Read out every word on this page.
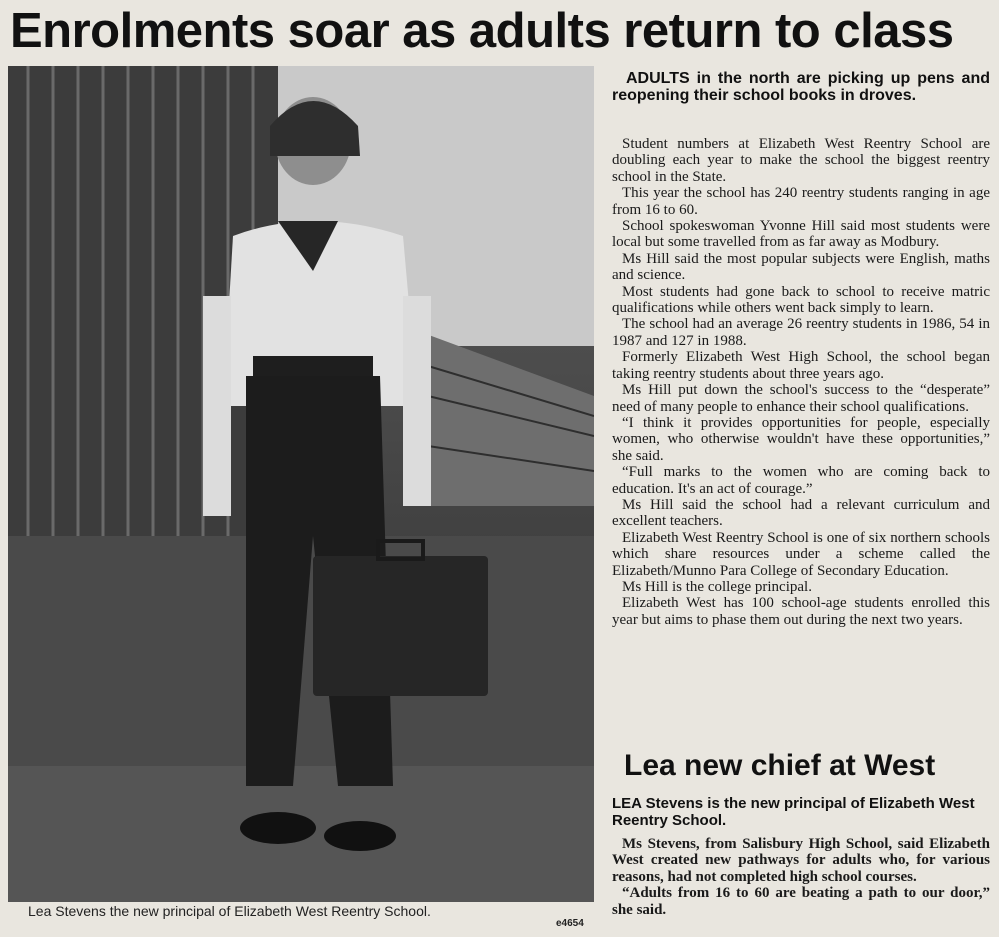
Enrolments soar as adults return to class
Lea Stevens the new principal of Elizabeth West Reentry School.
e4654
ADULTS in the north are picking up pens and reopening their school books in droves.

Student numbers at Elizabeth West Reentry School are doubling each year to make the school the biggest reentry school in the State.

This year the school has 240 reentry students ranging in age from 16 to 60.

School spokeswoman Yvonne Hill said most students were local but some travelled from as far away as Modbury.

Ms Hill said the most popular subjects were English, maths and science.

Most students had gone back to school to receive matric qualifications while others went back simply to learn.

The school had an average 26 reentry students in 1986, 54 in 1987 and 127 in 1988.

Formerly Elizabeth West High School, the school began taking reentry students about three years ago.

Ms Hill put down the school's success to the “desperate” need of many people to enhance their school qualifications.

“I think it provides opportunities for people, especially women, who otherwise wouldn't have these opportunities,” she said.

“Full marks to the women who are coming back to education. It's an act of courage.”

Ms Hill said the school had a relevant curriculum and excellent teachers.

Elizabeth West Reentry School is one of six northern schools which share resources under a scheme called the Elizabeth/Munno Para College of Secondary Education.

Ms Hill is the college principal.

Elizabeth West has 100 school-age students enrolled this year but aims to phase them out during the next two years.

Lea new chief at West
LEA Stevens is the new principal of Elizabeth West Reentry School.

Ms Stevens, from Salisbury High School, said Elizabeth West created new pathways for adults who, for various reasons, had not completed high school courses.

“Adults from 16 to 60 are beating a path to our door,” she said.
